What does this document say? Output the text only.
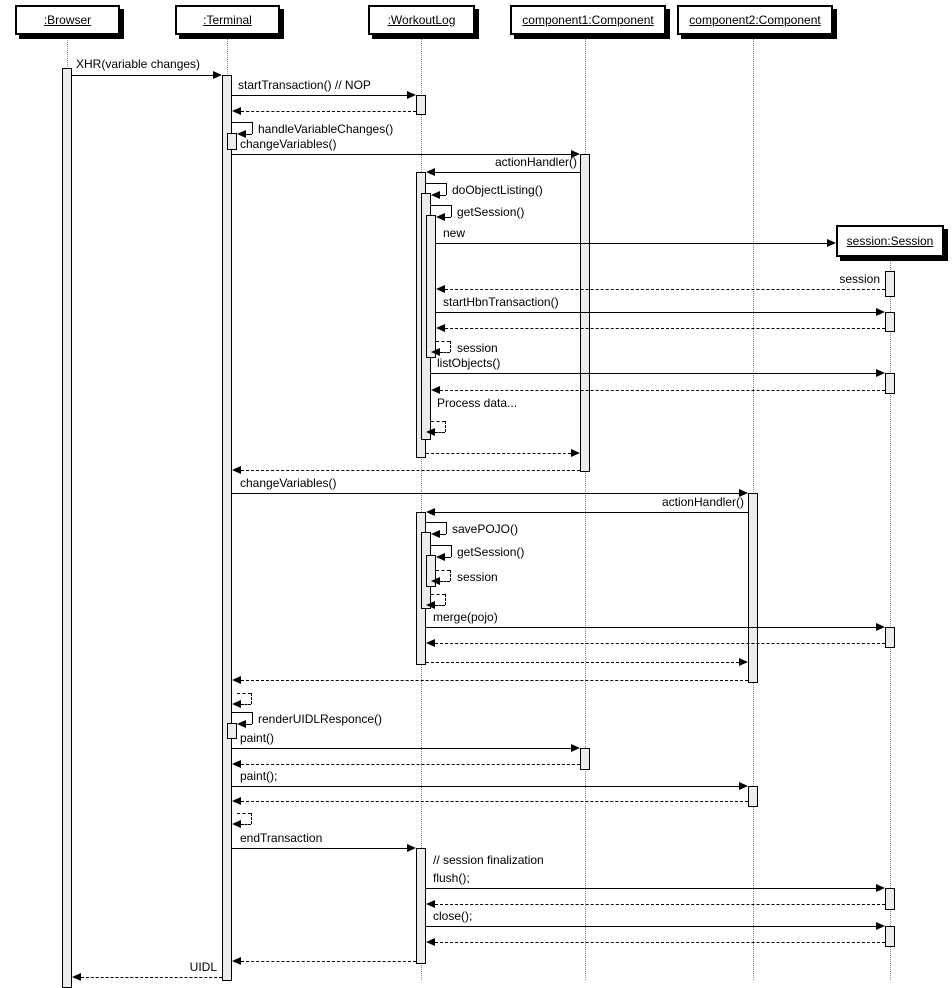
:Browser	:Terminal	:WorkoutLog	component1:Component	component2:Component
session:Session
XHR(variable changes)
startTransaction() // NOP
handleVariableChanges()
changeVariables()
actionHandler()
doObjectListing()
getSession()
new
session
startHbnTransaction()
session
listObjects()
Process data...
changeVariables()
actionHandler()
savePOJO()
getSession()
session
merge(pojo)
renderUIDLResponce()
paint()
paint();
endTransaction
// session finalization
flush();
close();
UIDL
